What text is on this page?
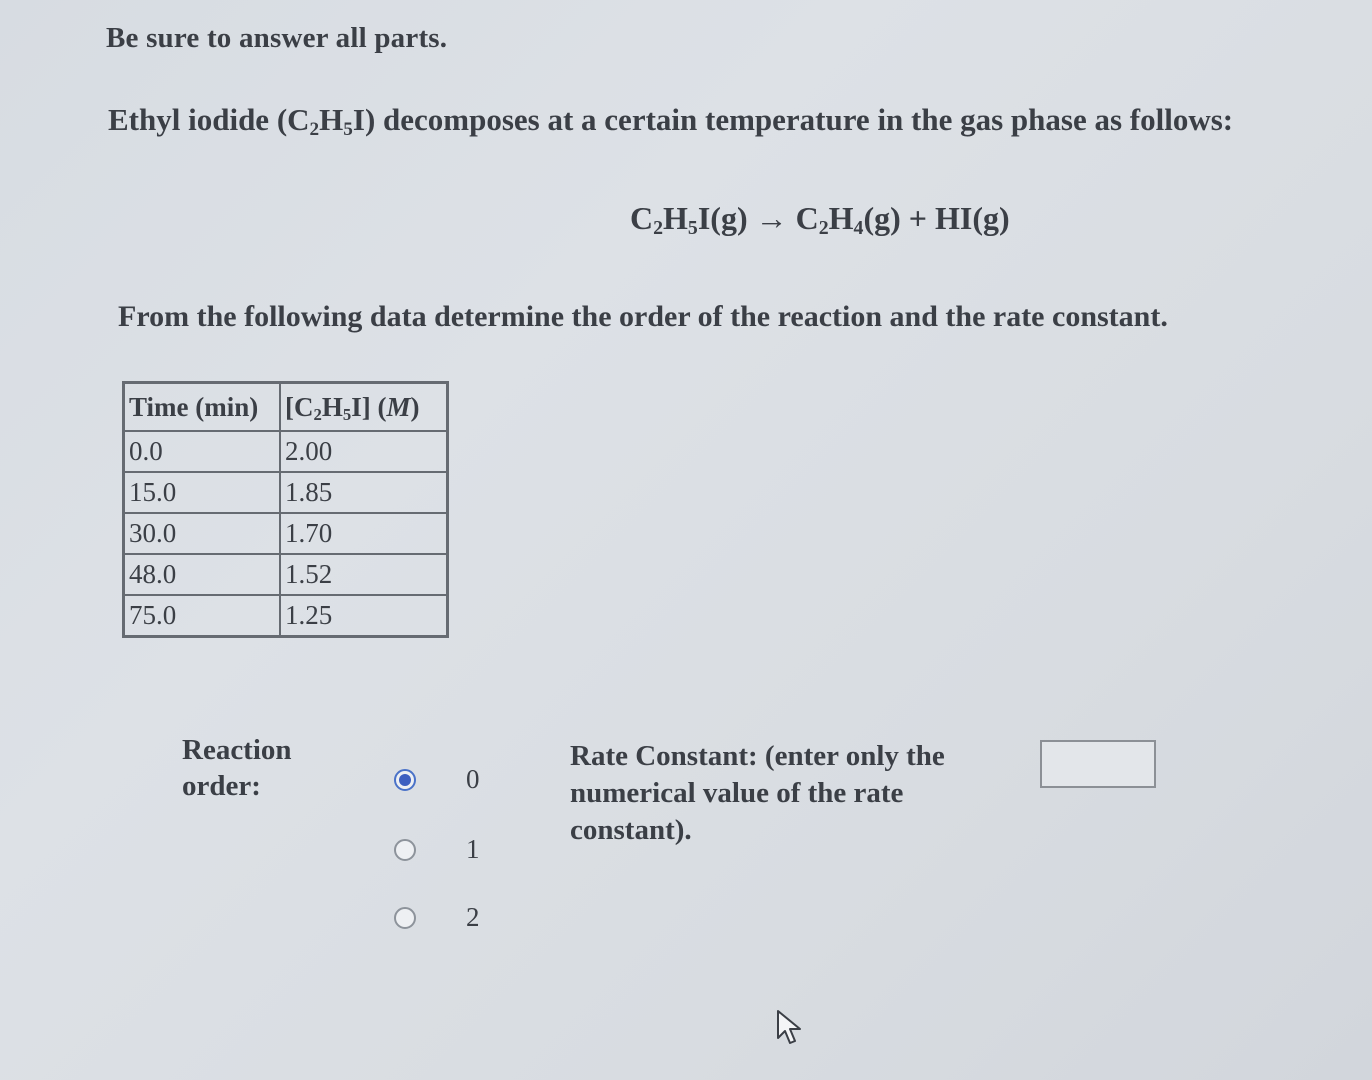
Be sure to answer all parts.
Ethyl iodide $(C_2H_5I)$ decomposes at a certain temperature in the gas phase as follows:
$C_2H_5I(g) \to C_2H_4(g) + HI(g)$
From the following data determine the order of the reaction and the rate constant.
Time (min)	$[C_2H_5I]$ (M)
0.0	2.00
15.0	1.85
30.0	1.70
48.0	1.52
75.0	1.25
Reaction
order:	0
1
2
Rate Constant: (enter only the
numerical value of the rate
constant).
